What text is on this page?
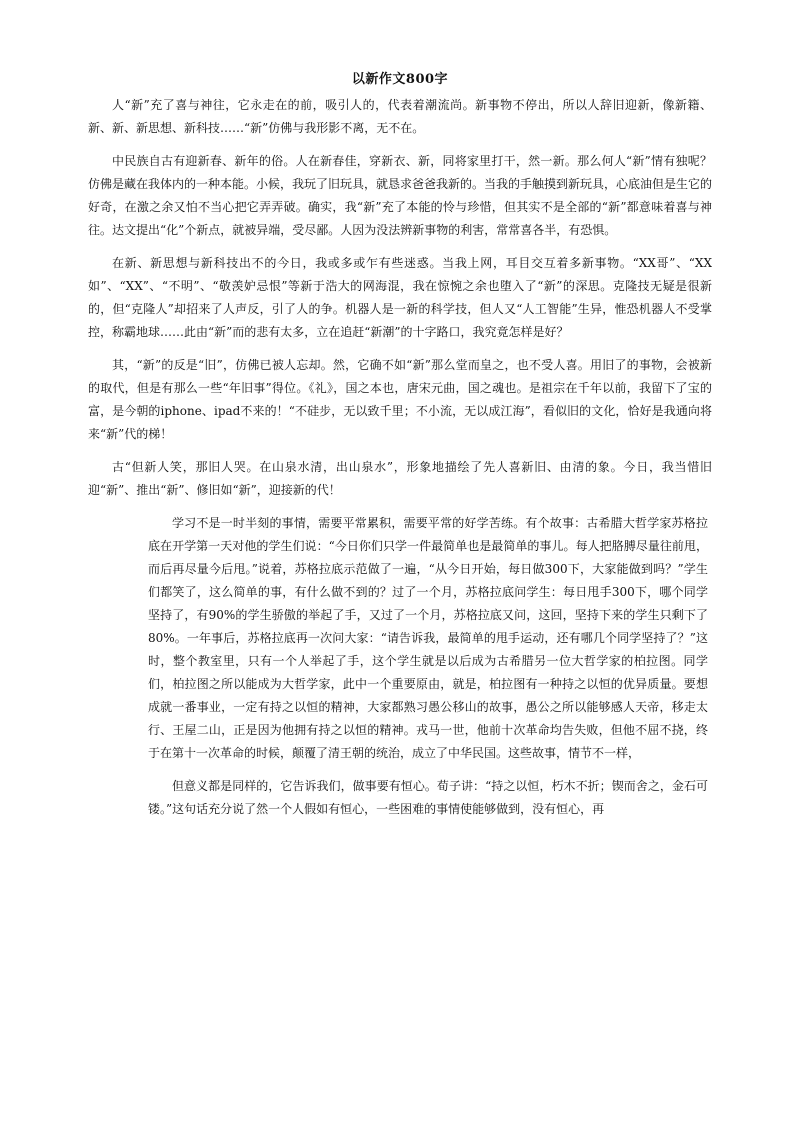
以新作文800字

人“新”充了喜与神往，它永走在的前，吸引人的，代表着潮流尚。新事物不停出，所以人辞旧迎新，像新籍、新、新、新思想、新科技……“新”仿佛与我形影不离，无不在。

中民族自古有迎新春、新年的俗。人在新春佳，穿新衣、新，同将家里打干，然一新。那么何人“新”情有独呢？仿佛是藏在我体内的一种本能。小候，我玩了旧玩具，就恳求爸爸我新的。当我的手触摸到新玩具，心底油但是生它的好奇，在激之余又怕不当心把它弄弄破。确实，我“新”充了本能的怜与珍惜，但其实不是全部的“新”都意味着喜与神往。达文提出“化”个新点，就被异端，受尽鄙。人因为没法辨新事物的利害，常常喜各半，有恐惧。

在新、新思想与新科技出不的今日，我或多或乍有些迷惑。当我上网，耳目交互着多新事物。“XX哥”、“XX如”、“XX”、“不明”、“敬羡妒忌恨”等新于浩大的网海混，我在惊惋之余也堕入了“新”的深思。克隆技无疑是很新的，但“克隆人”却招来了人声反，引了人的争。机器人是一新的科学技，但人又“人工智能”生异，惟恐机器人不受掌控，称霸地球……此由“新”而的悲有太多，立在追赶“新潮”的十字路口，我究竟怎样是好？

其，“新”的反是“旧”，仿佛已被人忘却。然，它确不如“新”那么堂而皇之，也不受人喜。用旧了的事物，会被新的取代，但是有那么一些“年旧事”得位。《礼》，国之本也，唐宋元曲，国之魂也。是祖宗在千年以前，我留下了宝的富，是今朝的iphone、ipad不来的！“不硅步，无以致千里；不小流，无以成江海”，看似旧的文化，恰好是我通向将来“新”代的梯！

古“但新人笑，那旧人哭。在山泉水清，出山泉水”，形象地描绘了先人喜新旧、由清的象。今日，我当惜旧迎“新”、推出“新”、修旧如“新”，迎接新的代！

学习不是一时半刻的事情，需要平常累积，需要平常的好学苦练。有个故事：古希腊大哲学家苏格拉底在开学第一天对他的学生们说：“今日你们只学一件最简单也是最简单的事儿。每人把胳膊尽量往前甩，而后再尽量今后甩。”说着，苏格拉底示范做了一遍，“从今日开始，每日做300下，大家能做到吗？”学生们都笑了，这么简单的事，有什么做不到的？过了一个月，苏格拉底问学生：每日甩手300下，哪个同学坚持了，有90%的学生骄傲的举起了手，又过了一个月，苏格拉底又问，这回，坚持下来的学生只剩下了80%。一年事后，苏格拉底再一次问大家：“请告诉我，最简单的甩手运动，还有哪几个同学坚持了？”这时，整个教室里，只有一个人举起了手，这个学生就是以后成为古希腊另一位大哲学家的柏拉图。同学们，柏拉图之所以能成为大哲学家，此中一个重要原由，就是，柏拉图有一种持之以恒的优异质量。要想成就一番事业，一定有持之以恒的精神，大家都熟习愚公移山的故事，愚公之所以能够感人天帝，移走太行、王屋二山，正是因为他拥有持之以恒的精神。戎马一世，他前十次革命均告失败，但他不屈不挠，终于在第十一次革命的时候，颠覆了清王朝的统治，成立了中华民国。这些故事，情节不一样，

但意义都是同样的，它告诉我们，做事要有恒心。荀子讲：“持之以恒，朽木不折；锲而舍之，金石可镂。”这句话充分说了然一个人假如有恒心，一些困难的事情使能够做到，没有恒心，再
